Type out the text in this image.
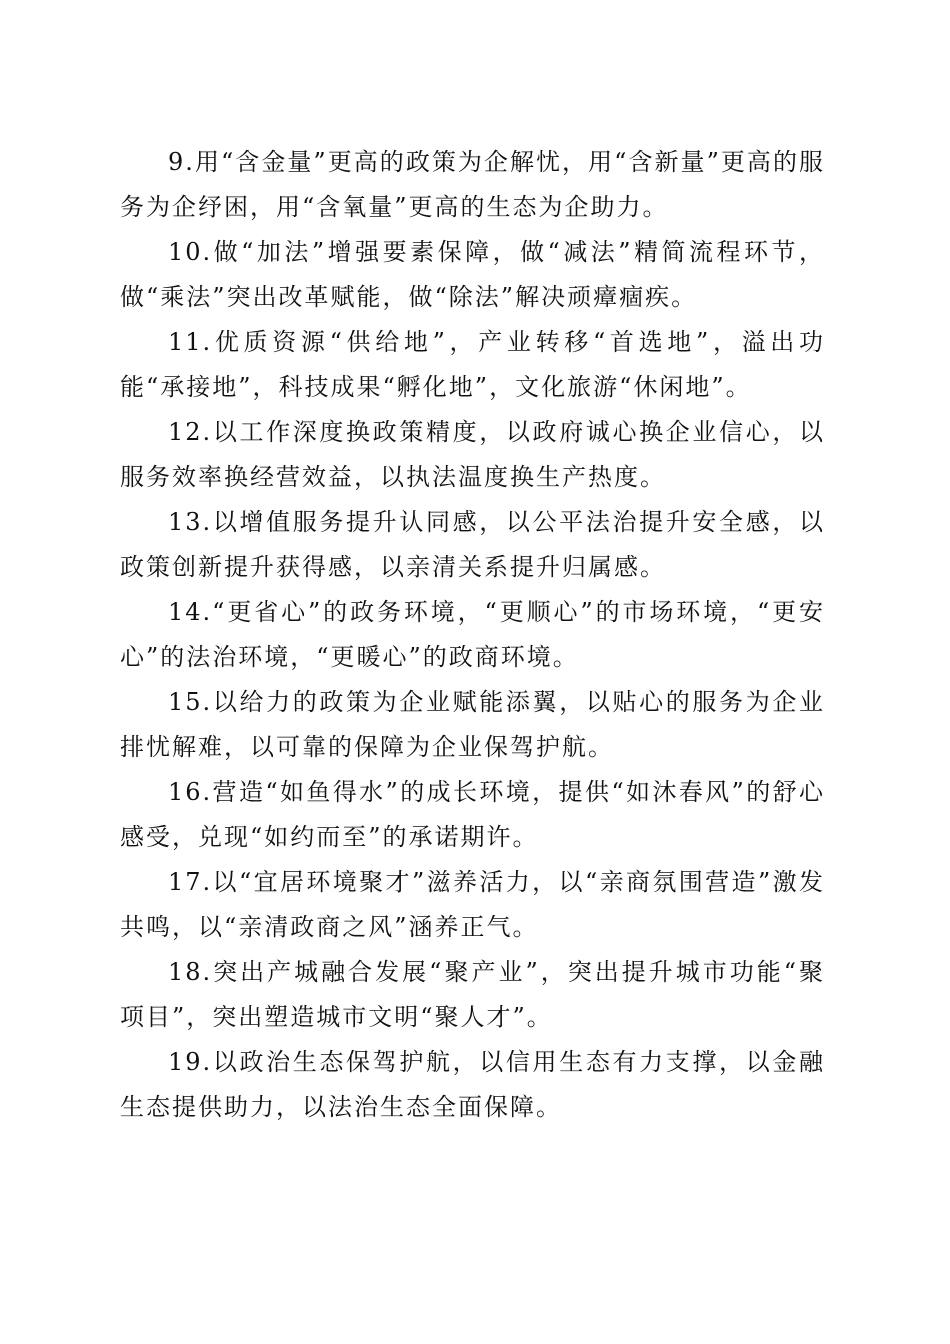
9.用“含金量”更高的政策为企解忧，用“含新量”更高的服务为企纾困，用“含氧量”更高的生态为企助力。

10.做“加法”增强要素保障，做“减法”精简流程环节，做“乘法”突出改革赋能，做“除法”解决顽瘴痼疾。

11.优质资源“供给地”，产业转移“首选地”，溢出功能“承接地”，科技成果“孵化地”，文化旅游“休闲地”。

12.以工作深度换政策精度，以政府诚心换企业信心，以服务效率换经营效益，以执法温度换生产热度。

13.以增值服务提升认同感，以公平法治提升安全感，以政策创新提升获得感，以亲清关系提升归属感。

14.“更省心”的政务环境，“更顺心”的市场环境，“更安心”的法治环境，“更暖心”的政商环境。

15.以给力的政策为企业赋能添翼，以贴心的服务为企业排忧解难，以可靠的保障为企业保驾护航。

16.营造“如鱼得水”的成长环境，提供“如沐春风”的舒心感受，兑现“如约而至”的承诺期许。

17.以“宜居环境聚才”滋养活力，以“亲商氛围营造”激发共鸣，以“亲清政商之风”涵养正气。

18.突出产城融合发展“聚产业”，突出提升城市功能“聚项目”，突出塑造城市文明“聚人才”。

19.以政治生态保驾护航，以信用生态有力支撑，以金融生态提供助力，以法治生态全面保障。
